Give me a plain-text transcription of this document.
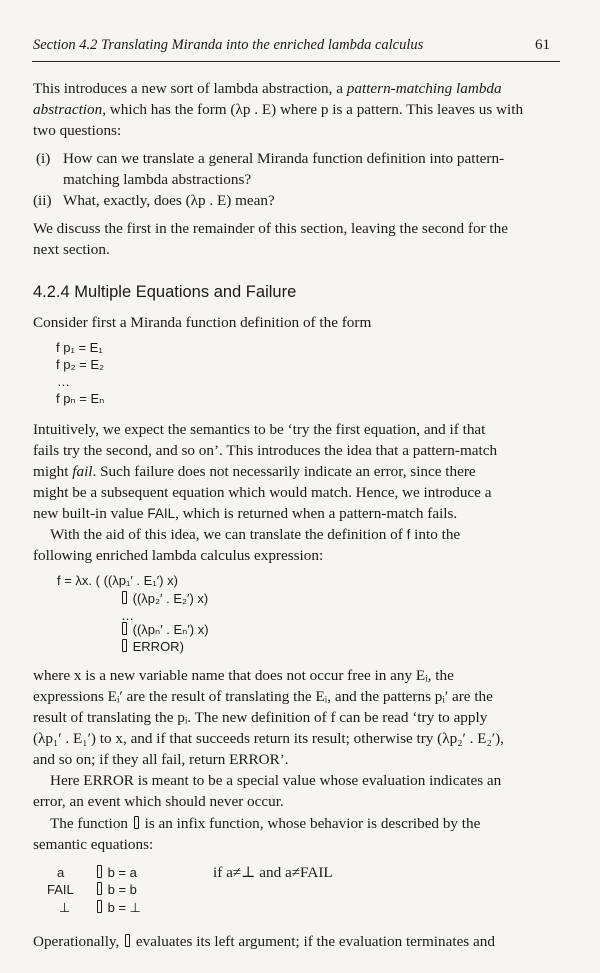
Section 4.2 Translating Miranda into the enriched lambda calculus	61
This introduces a new sort of lambda abstraction, a pattern-matching lambda
abstraction, which has the form (λp . E) where p is a pattern. This leaves us with
two questions:
(i) How can we translate a general Miranda function definition into pattern-
matching lambda abstractions?
(ii) What, exactly, does (λp . E) mean?
We discuss the first in the remainder of this section, leaving the second for the
next section.
4.2.4 Multiple Equations and Failure
Consider first a Miranda function definition of the form
f p₁ = E₁
f p₂ = E₂
…
f pₙ = Eₙ
Intuitively, we expect the semantics to be ‘try the first equation, and if that
fails try the second, and so on’. This introduces the idea that a pattern-match
might fail. Such failure does not necessarily indicate an error, since there
might be a subsequent equation which would match. Hence, we introduce a
new built-in value FAIL, which is returned when a pattern-match fails.
With the aid of this idea, we can translate the definition of f into the
following enriched lambda calculus expression:
f = λx. ( ((λp₁′ . E₁′) x)
((λp₂′ . E₂′) x)
…
((λpₙ′ . Eₙ′) x)
ERROR)
where x is a new variable name that does not occur free in any Eᵢ, the
expressions Eᵢ′ are the result of translating the Eᵢ, and the patterns pᵢ′ are the
result of translating the pᵢ. The new definition of f can be read ‘try to apply
(λp₁′ . E₁′) to x, and if that succeeds return its result; otherwise try (λp₂′ . E₂′),
and so on; if they all fail, return ERROR’.
Here ERROR is meant to be a special value whose evaluation indicates an
error, an event which should never occur.
The function  is an infix function, whose behavior is described by the
semantic equations:
a	b = a	if a≠⊥ and a≠FAIL
FAIL	b = b
⊥	b = ⊥
Operationally,  evaluates its left argument; if the evaluation terminates and
